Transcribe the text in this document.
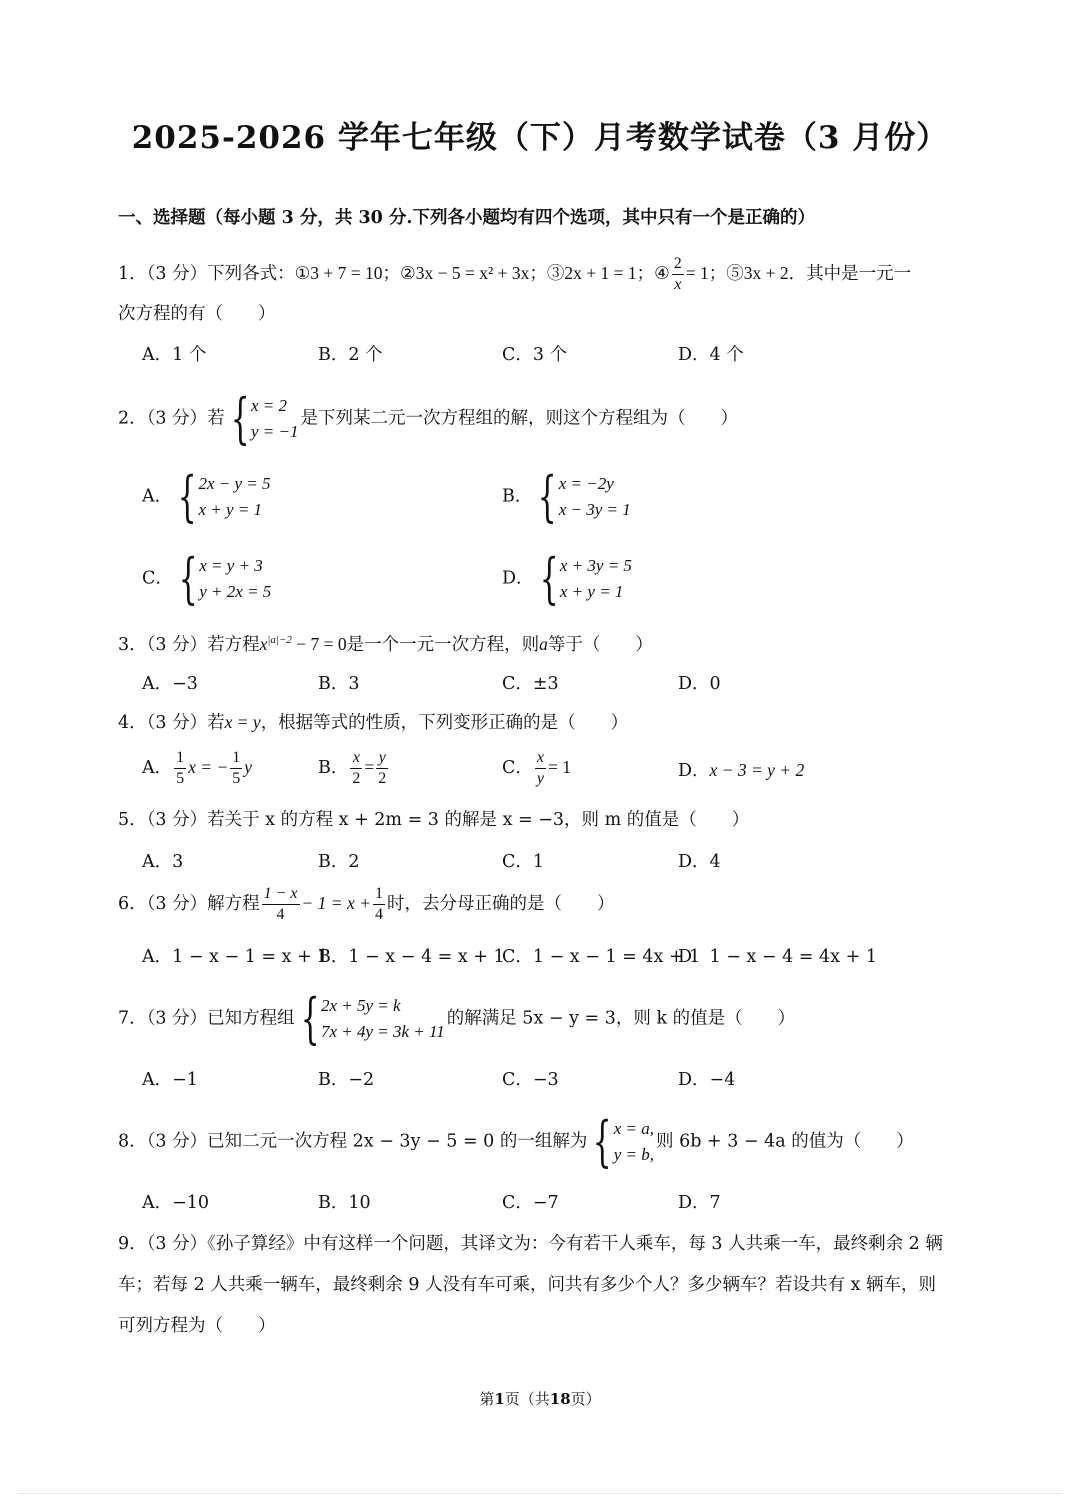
2025-2026 学年七年级（下）月考数学试卷（3 月份）
一、选择题（每小题 3 分，共 30 分.下列各小题均有四个选项，其中只有一个是正确的）
1．（3 分）下列各式：①3 + 7 = 10；②3x − 5 = x² + 3x；③2x + 1 = 1；④ $\frac{2}{x} = 1$；⑤3x + 2．其中是一元一
次方程的有（　　）
A．1 个	B．2 个	C．3 个	D．4 个
2．（3 分）若 { x = 2
y = −1
是下列某二元一次方程组的解，则这个方程组为（　　）
A． { 2x − y = 5
x + y = 1
B． { x = −2y
x − 3y = 1
C． { x = y + 3
y + 2x = 5
D． { x + 3y = 5
x + y = 1
3．（3 分）若方程$x^{|a|-2} - 7 = 0$是一个一元一次方程，则a等于（　　）
A．−3	B．3	C．±3	D．0
4．（3 分）若x = y，根据等式的性质，下列变形正确的是（　　）
A． $\frac{1}{5}$ x = − $\frac{1}{5}$ y	B． $\frac{x}{2} = \frac{y}{2}$	C． $\frac{x}{y} = 1$	D．x − 3 = y + 2
5．（3 分）若关于 x 的方程 x + 2m = 3 的解是 x = −3，则 m 的值是（　　）
A．3	B．2	C．1	D．4
6．（3 分）解方程 $\frac{1 - x}{4} - 1 = x + \frac{1}{4}$ 时，去分母正确的是（　　）
A．1 − x − 1 = x + 1
B．1 − x − 4 = x + 1
C．1 − x − 1 = 4x + 1
D．1 − x − 4 = 4x + 1
7．（3 分）已知方程组 { 2x + 5y = k
7x + 4y = 3k + 11
的解满足 5x − y = 3，则 k 的值是（　　）
A．−1	B．−2	C．−3	D．−4
8．（3 分）已知二元一次方程 2x − 3y − 5 = 0 的一组解为 { x = a,
y = b,
则 6b + 3 − 4a 的值为（　　）
A．−10	B．10	C．−7	D．7
9．（3 分）《孙子算经》中有这样一个问题，其译文为：今有若干人乘车，每 3 人共乘一车，最终剩余 2 辆
车；若每 2 人共乘一辆车，最终剩余 9 人没有车可乘，问共有多少个人？多少辆车？若设共有 x 辆车，则
可列方程为（　　）
第1页（共18页）
